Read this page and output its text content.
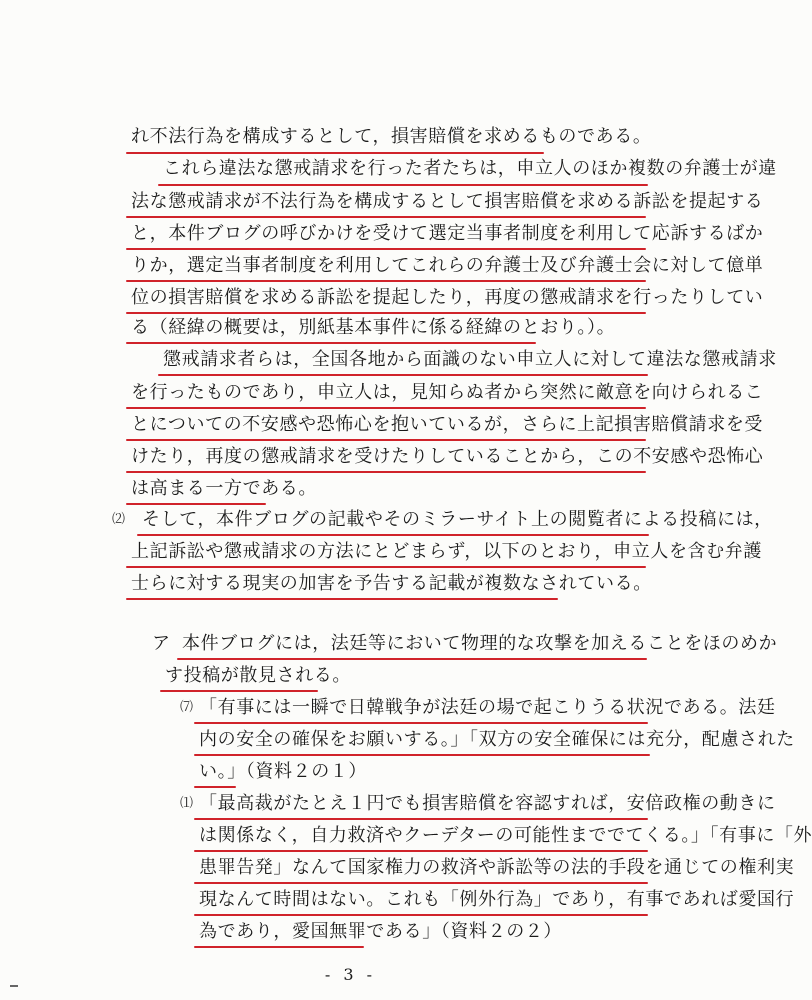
れ不法行為を構成するとして，損害賠償を求めるものである。

これら違法な懲戒請求を行った者たちは，申立人のほか複数の弁護士が違

法な懲戒請求が不法行為を構成するとして損害賠償を求める訴訟を提起する

と，本件ブログの呼びかけを受けて選定当事者制度を利用して応訴するばか

りか，選定当事者制度を利用してこれらの弁護士及び弁護士会に対して億単

位の損害賠償を求める訴訟を提起したり，再度の懲戒請求を行ったりしてい

る（経緯の概要は，別紙基本事件に係る経緯のとおり。）。

懲戒請求者らは，全国各地から面識のない申立人に対して違法な懲戒請求

を行ったものであり，申立人は，見知らぬ者から突然に敵意を向けられるこ

とについての不安感や恐怖心を抱いているが，さらに上記損害賠償請求を受

けたり，再度の懲戒請求を受けたりしていることから，この不安感や恐怖心

は高まる一方である。

⑵ そして，本件ブログの記載やそのミラーサイト上の閲覧者による投稿には，

上記訴訟や懲戒請求の方法にとどまらず，以下のとおり，申立人を含む弁護

士らに対する現実の加害を予告する記載が複数なされている。

ア 本件ブログには，法廷等において物理的な攻撃を加えることをほのめか

す投稿が散見される。

⑺ 「有事には一瞬で日韓戦争が法廷の場で起こりうる状況である。法廷

内の安全の確保をお願いする。」「双方の安全確保には充分，配慮された

い。」（資料２の１）

⑴ 「最高裁がたとえ１円でも損害賠償を容認すれば，安倍政権の動きに

は関係なく，自力救済やクーデターの可能性まででてくる。」「有事に「外

患罪告発」なんて国家権力の救済や訴訟等の法的手段を通じての権利実

現なんて時間はない。これも「例外行為」であり，有事であれば愛国行

為であり，愛国無罪である」（資料２の２）

- 3 -
